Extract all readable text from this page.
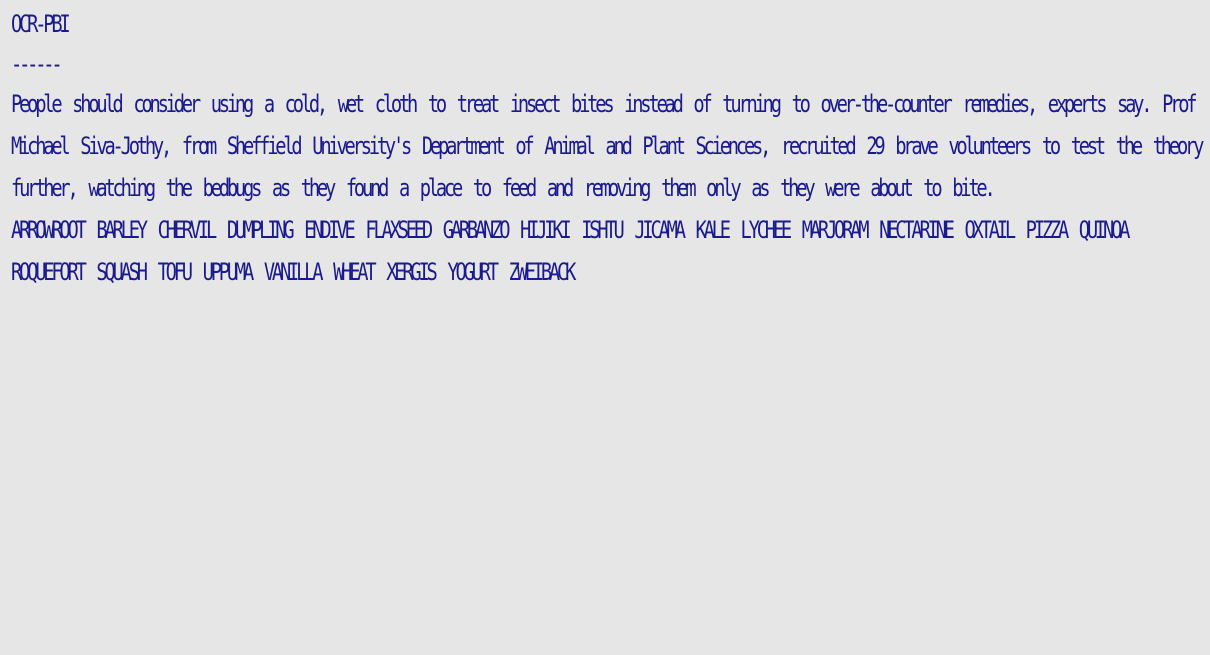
OCR-PBI
------
People should consider using a cold, wet cloth to treat insect bites instead of turning to over-the-counter remedies, experts say. Prof Michael Siva-Jothy, from Sheffield University's Department of Animal and Plant Sciences, recruited 29 brave volunteers to test the theory further, watching the bedbugs as they found a place to feed and removing them only as they were about to bite.
ARROWROOT BARLEY CHERVIL DUMPLING ENDIVE FLAXSEED GARBANZO HIJIKI ISHTU JICAMA KALE LYCHEE MARJORAM NECTARINE OXTAIL PIZZA QUINOA ROQUEFORT SQUASH TOFU UPPUMA VANILLA WHEAT XERGIS YOGURT ZWEIBACK
